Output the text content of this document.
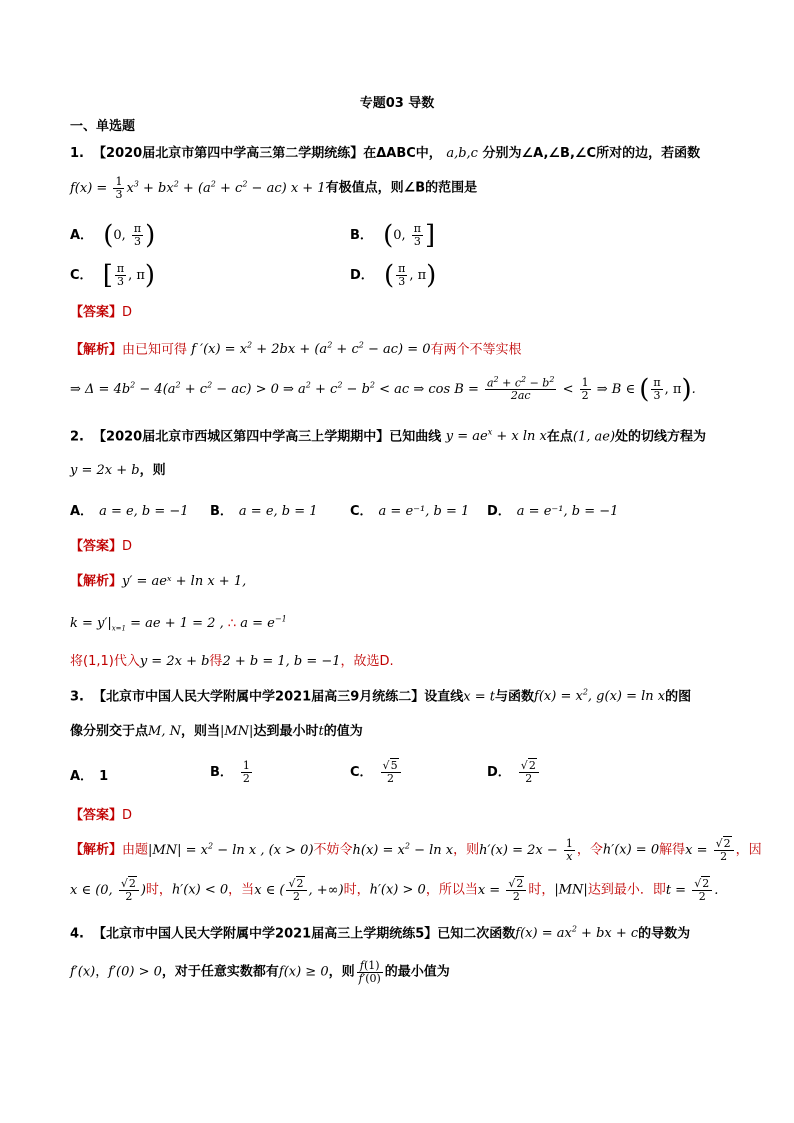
专题03 导数
一、单选题
1. 【2020届北京市第四中学高三第二学期统练】在ΔABC中， a,b,c 分别为∠A,∠B,∠C所对的边，若函数
$f(x) = \frac{1}{3} x^3 + bx^2 + (a^2 + c^2 - ac) x + 1$有极值点，则∠B的范围是
A． (0, $\frac{\pi}{3}$ )	B． (0, $\frac{\pi}{3}$ ]
C． [ $\frac{\pi}{3}$ , π)	D． ( $\frac{\pi}{3}$ , π)
【答案】D
【解析】由已知可得 f $'(x) = x^2 + 2bx + (a^2 + c^2 - ac) = 0$有两个不等实根
⇒ $\Delta = 4b^2 - 4(a^2 + c^2 - ac) > 0$ ⇒ $a^2 + c^2 - b^2$ < ac ⇒ $\cos B = \frac{a^2 + c^2 - b^2}{2ac} < \frac{1}{2}$ ⇒ B ∈ ( $\frac{\pi}{3}$ , π).
2. 【2020届北京市西城区第四中学高三上学期期中】已知曲线 $y = ae^x + x$ ln x在点(1, ae)处的切线方程为
y = 2x + b，则
A． a = e, b = −1 B． a = e, b = 1 C． a = e⁻¹, b = 1 D． a = e⁻¹, b = −1
【答案】D
【解析】y′ = aeˣ + ln x + 1,
$k = y'|_{x=1}$ = ae + 1 = 2 , ∴ $a = e^{-1}$
将(1,1)代入y = 2x + b得2 + b = 1, b = −1，故选D.
3. 【北京市中国人民大学附属中学2021届高三9月统练二】设直线x = t与函数$f(x) = x^2$, g(x) = ln x的图
像分别交于点M, N，则当|MN|达到最小时t的值为
A． 1	B． $\frac{1}{2}$	C． $\frac{√5}{2}$	D． $\frac{√2}{2}$
【答案】D
【解析】由题$|MN| = x^2 - \ln x$ , (x > 0)不妨令$h(x) = x^2 - \ln x$，则$h'(x) = 2x - \frac{1}{x}$ ，令h′(x) = 0解得$x = \frac{√2}{2}$ ，因
x ∈ (0, $\frac{√2}{2}$ )时，h′(x) < 0，当x ∈ ( $\frac{√2}{2}$ , +∞)时，h′(x) > 0，所以当$x = \frac{√2}{2}$ 时，|MN|达到最小．即$t = \frac{√2}{2}$ .
4. 【北京市中国人民大学附属中学2021届高三上学期统练5】已知二次函数$f(x) = ax^2$ + bx + c的导数为
f′(x)，f′(0) > 0，对于任意实数都有f(x) ≥ 0，则 $\frac{f(1)}{f'(0)}$ 的最小值为
